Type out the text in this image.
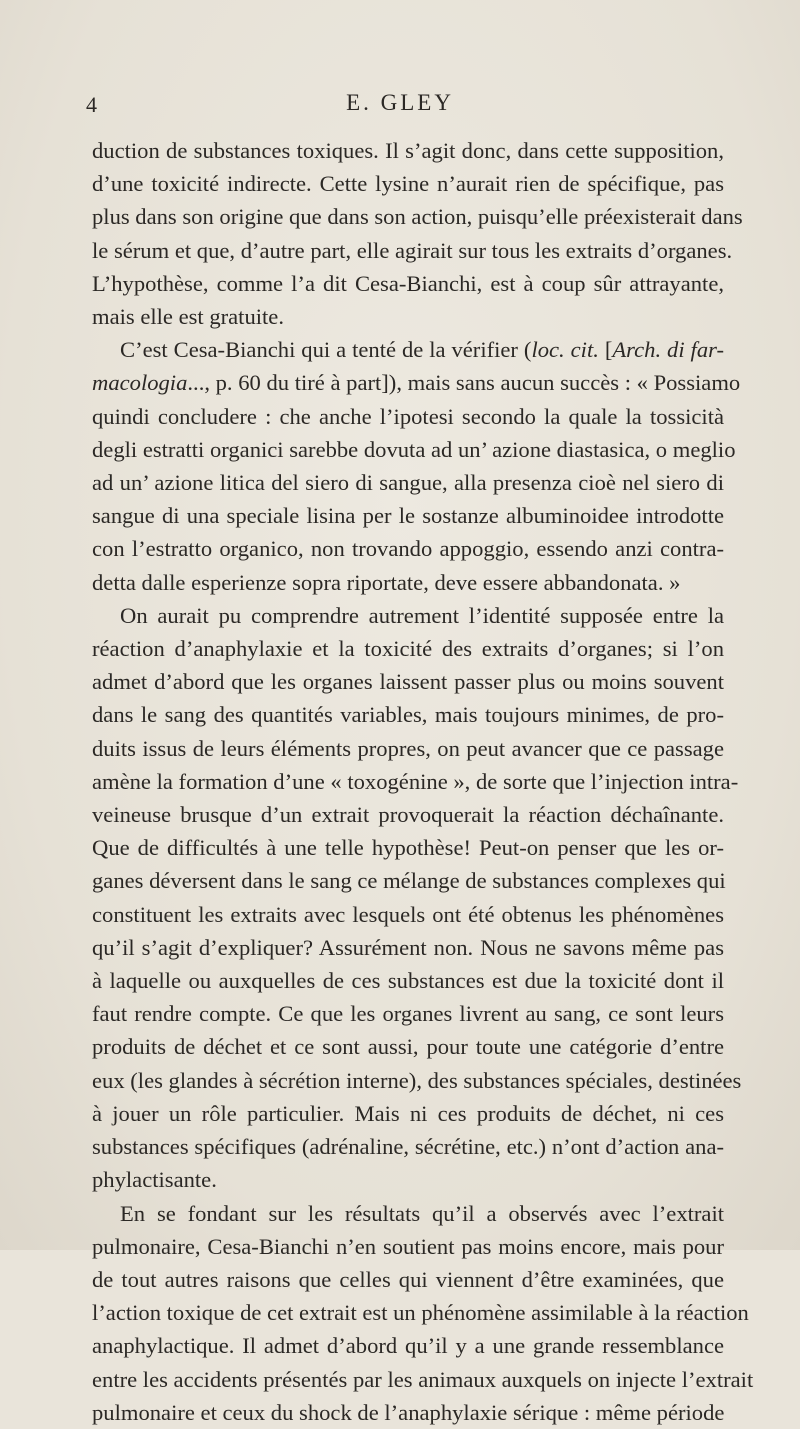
4	E. GLEY

duction de substances toxiques. Il s’agit donc, dans cette supposition,
d’une toxicité indirecte. Cette lysine n’aurait rien de spécifique, pas
plus dans son origine que dans son action, puisqu’elle préexisterait dans
le sérum et que, d’autre part, elle agirait sur tous les extraits d’organes.
L’hypothèse, comme l’a dit Cesa-Bianchi, est à coup sûr attrayante,
mais elle est gratuite.

C’est Cesa-Bianchi qui a tenté de la vérifier (loc. cit. [Arch. di far-
macologia..., p. 60 du tiré à part]), mais sans aucun succès : « Possiamo
quindi concludere : che anche l’ipotesi secondo la quale la tossicità
degli estratti organici sarebbe dovuta ad un’ azione diastasica, o meglio
ad un’ azione litica del siero di sangue, alla presenza cioè nel siero di
sangue di una speciale lisina per le sostanze albuminoidee introdotte
con l’estratto organico, non trovando appoggio, essendo anzi contra-
detta dalle esperienze sopra riportate, deve essere abbandonata. »

On aurait pu comprendre autrement l’identité supposée entre la
réaction d’anaphylaxie et la toxicité des extraits d’organes; si l’on
admet d’abord que les organes laissent passer plus ou moins souvent
dans le sang des quantités variables, mais toujours minimes, de pro-
duits issus de leurs éléments propres, on peut avancer que ce passage
amène la formation d’une « toxogénine », de sorte que l’injection intra-
veineuse brusque d’un extrait provoquerait la réaction déchaînante.
Que de difficultés à une telle hypothèse! Peut-on penser que les or-
ganes déversent dans le sang ce mélange de substances complexes qui
constituent les extraits avec lesquels ont été obtenus les phénomènes
qu’il s’agit d’expliquer? Assurément non. Nous ne savons même pas
à laquelle ou auxquelles de ces substances est due la toxicité dont il
faut rendre compte. Ce que les organes livrent au sang, ce sont leurs
produits de déchet et ce sont aussi, pour toute une catégorie d’entre
eux (les glandes à sécrétion interne), des substances spéciales, destinées
à jouer un rôle particulier. Mais ni ces produits de déchet, ni ces
substances spécifiques (adrénaline, sécrétine, etc.) n’ont d’action ana-
phylactisante.

En se fondant sur les résultats qu’il a observés avec l’extrait
pulmonaire, Cesa-Bianchi n’en soutient pas moins encore, mais pour
de tout autres raisons que celles qui viennent d’être examinées, que
l’action toxique de cet extrait est un phénomène assimilable à la réaction
anaphylactique. Il admet d’abord qu’il y a une grande ressemblance
entre les accidents présentés par les animaux auxquels on injecte l’extrait
pulmonaire et ceux du shock de l’anaphylaxie sérique : même période
